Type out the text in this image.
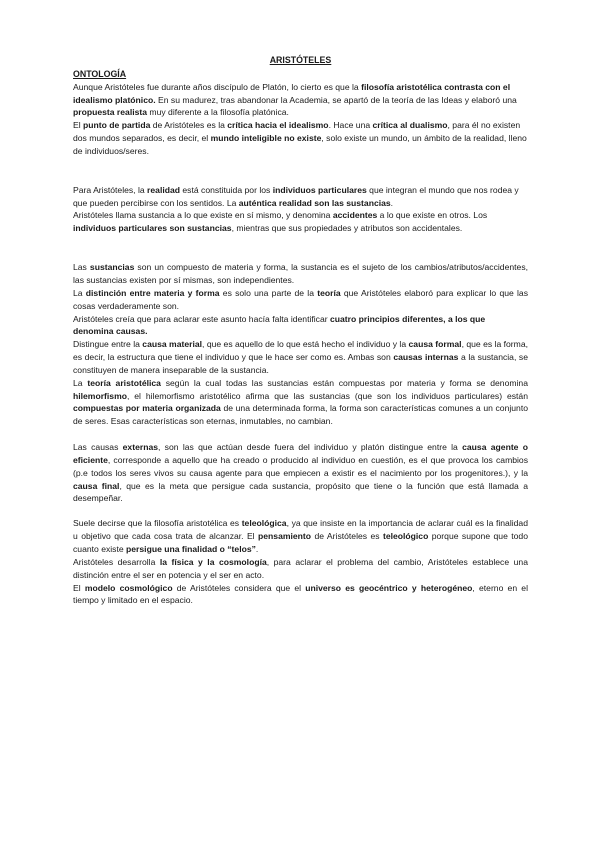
ARISTÓTELES

ONTOLOGÍA

Aunque Aristóteles fue durante años discípulo de Platón, lo cierto es que la filosofía aristotélica contrasta con el idealismo platónico. En su madurez, tras abandonar la Academia, se apartó de la teoría de las Ideas y elaboró una propuesta realista muy diferente a la filosofía platónica.

El punto de partida de Aristóteles es la crítica hacia el idealismo. Hace una crítica al dualismo, para él no existen dos mundos separados, es decir, el mundo inteligible no existe, solo existe un mundo, un ámbito de la realidad, lleno de individuos/seres.

Para Aristóteles, la realidad está constituida por los individuos particulares que integran el mundo que nos rodea y que pueden percibirse con los sentidos. La auténtica realidad son las sustancias.

Aristóteles llama sustancia a lo que existe en sí mismo, y denomina accidentes a lo que existe en otros. Los individuos particulares son sustancias, mientras que sus propiedades y atributos son accidentales.

Las sustancias son un compuesto de materia y forma, la sustancia es el sujeto de los cambios/atributos/accidentes, las sustancias existen por sí mismas, son independientes.

La distinción entre materia y forma es solo una parte de la teoría que Aristóteles elaboró para explicar lo que las cosas verdaderamente son.

Aristóteles creía que para aclarar este asunto hacía falta identificar cuatro principios diferentes, a los que denomina causas.

Distingue entre la causa material, que es aquello de lo que está hecho el individuo y la causa formal, que es la forma, es decir, la estructura que tiene el individuo y que le hace ser como es. Ambas son causas internas a la sustancia, se constituyen de manera inseparable de la sustancia.

La teoría aristotélica según la cual todas las sustancias están compuestas por materia y forma se denomina hilemorfismo, el hilemorfismo aristotélico afirma que las sustancias (que son los individuos particulares) están compuestas por materia organizada de una determinada forma, la forma son características comunes a un conjunto de seres. Esas características son eternas, inmutables, no cambian.

Las causas externas, son las que actúan desde fuera del individuo y platón distingue entre la causa agente o eficiente, corresponde a aquello que ha creado o producido al individuo en cuestión, es el que provoca los cambios (p.e todos los seres vivos su causa agente para que empiecen a existir es el nacimiento por los progenitores.), y la causa final, que es la meta que persigue cada sustancia, propósito que tiene o la función que está llamada a desempeñar.

Suele decirse que la filosofía aristotélica es teleológica, ya que insiste en la importancia de aclarar cuál es la finalidad u objetivo que cada cosa trata de alcanzar. El pensamiento de Aristóteles es teleológico porque supone que todo cuanto existe persigue una finalidad o “telos”.

Aristóteles desarrolla la física y la cosmología, para aclarar el problema del cambio, Aristóteles establece una distinción entre el ser en potencia y el ser en acto.

El modelo cosmológico de Aristóteles considera que el universo es geocéntrico y heterogéneo, eterno en el tiempo y limitado en el espacio.
